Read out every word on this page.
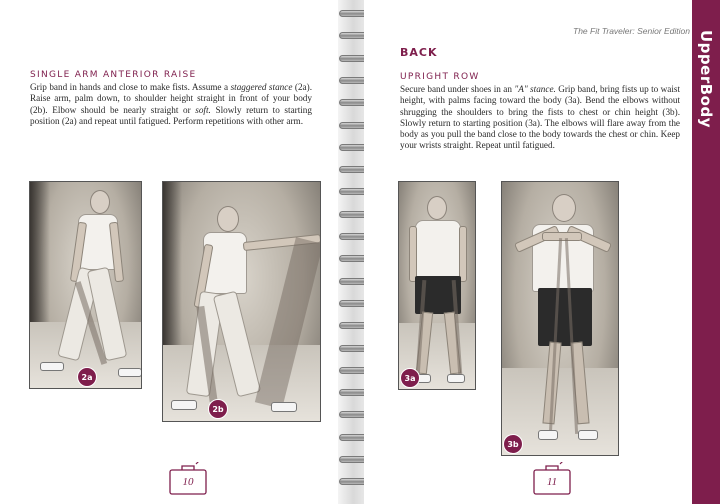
SINGLE ARM ANTERIOR RAISE
Grip band in hands and close to make fists. Assume a staggered stance (2a). Raise arm, palm down, to shoulder height straight in front of your body (2b). Elbow should be nearly straight or soft. Slowly return to starting position (2a) and repeat until fatigued. Perform repetitions with other arm.
2a
2b
10
The Fit Traveler: Senior Edition
BACK
UPRIGHT ROW
Secure band under shoes in an "A" stance. Grip band, bring fists up to waist height, with palms facing toward the body (3a). Bend the elbows without shrugging the shoulders to bring the fists to chest or chin height (3b). Slowly return to starting position (3a). The elbows will flare away from the body as you pull the band close to the body towards the chest or chin. Keep your wrists straight. Repeat until fatigued.
3a
3b
11
UpperBody
